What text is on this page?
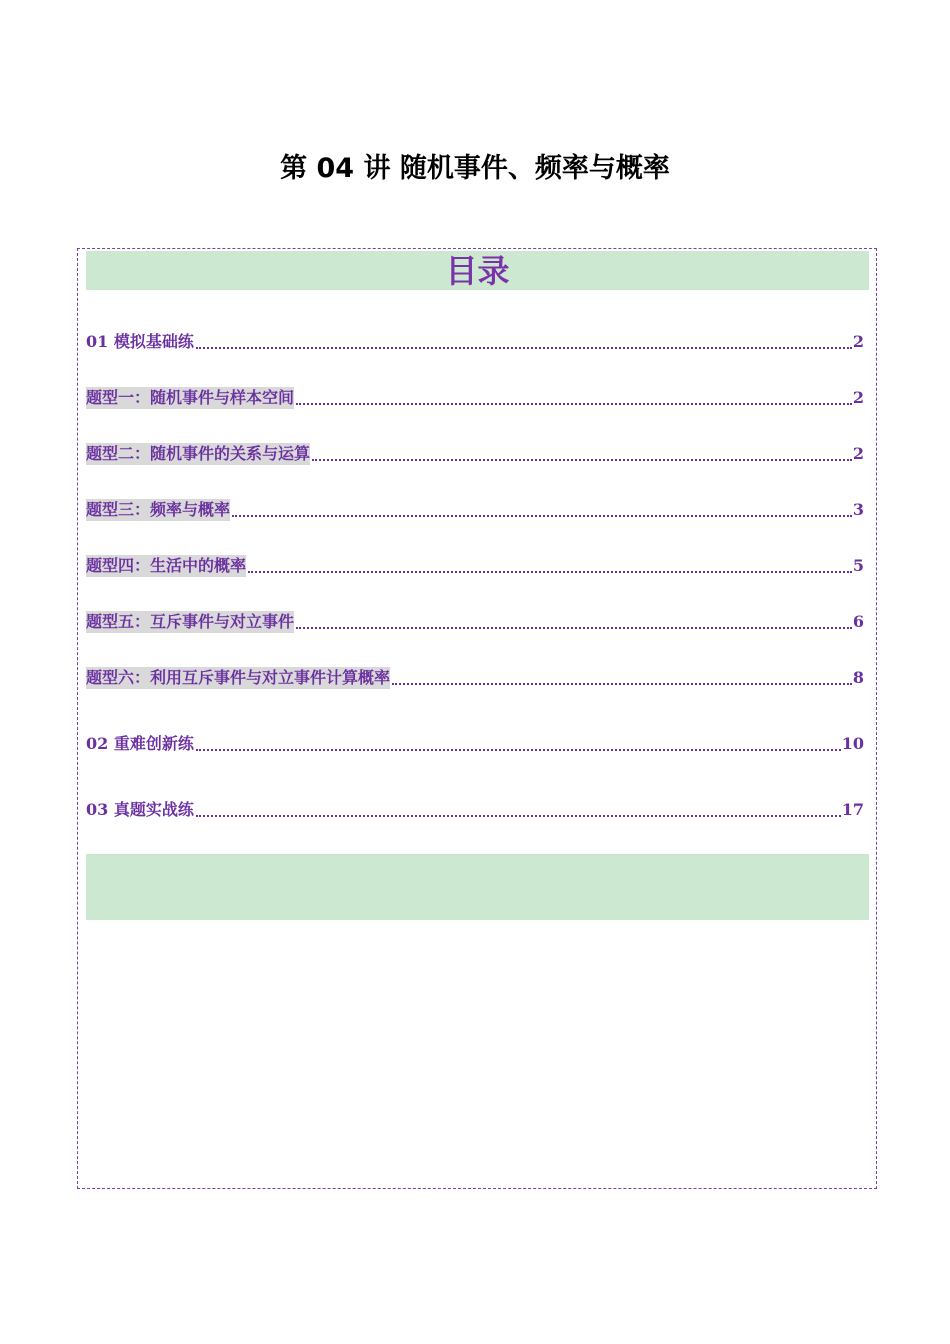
第 04 讲 随机事件、频率与概率
目录
01 模拟基础练	2
题型一：随机事件与样本空间	2
题型二：随机事件的关系与运算	2
题型三：频率与概率	3
题型四：生活中的概率	5
题型五：互斥事件与对立事件	6
题型六：利用互斥事件与对立事件计算概率	8
02 重难创新练	10
03 真题实战练	17
